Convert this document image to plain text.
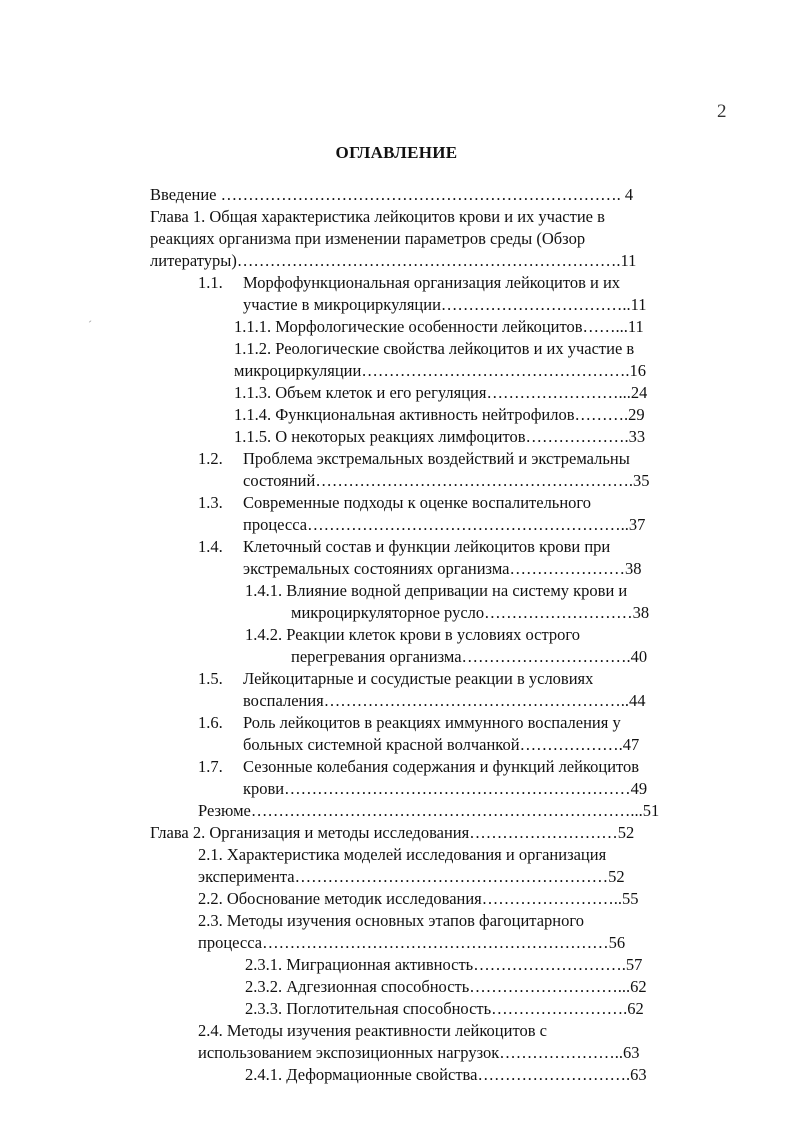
2
ОГЛАВЛЕНИЕ
ˊ
Введение ………………………………………………………………. 4
Глава 1. Общая характеристика лейкоцитов крови и их участие в
реакциях организма при изменении параметров среды (Обзор
литературы)…………………………………………………………….11
1.1. Морфофункциональная организация лейкоцитов и их
участие в микроциркуляции……………………………..11
1.1.1. Морфологические особенности лейкоцитов……...11
1.1.2. Реологические свойства лейкоцитов и их участие в
микроциркуляции………………………………………….16
1.1.3. Объем клеток и его регуляция……………………...24
1.1.4. Функциональная активность нейтрофилов……….29
1.1.5. О некоторых реакциях лимфоцитов……………….33
1.2. Проблема экстремальных воздействий и экстремальны
состояний………………………………………………….35
1.3. Современные подходы к оценке воспалительного
процесса…………………………………………………..37
1.4. Клеточный состав и функции лейкоцитов крови при
экстремальных состояниях организма…………………38
1.4.1. Влияние водной депривации на систему крови и
микроциркуляторное русло………………………38
1.4.2. Реакции клеток крови в условиях острого
перегревания организма………………………….40
1.5. Лейкоцитарные и сосудистые реакции в условиях
воспаления………………………………………………..44
1.6. Роль лейкоцитов в реакциях иммунного воспаления у
больных системной красной волчанкой……………….47
1.7. Сезонные колебания содержания и функций лейкоцитов
крови………………………………………………………49
Резюме……………………………………………………………...51
Глава 2. Организация и методы исследования………………………52
2.1. Характеристика моделей исследования и организация
эксперимента…………………………………………………52
2.2. Обоснование методик исследования……………………..55
2.3. Методы изучения основных этапов фагоцитарного
процесса………………………………………………………56
2.3.1. Миграционная активность……………………….57
2.3.2. Адгезионная способность………………………...62
2.3.3. Поглотительная способность…………………….62
2.4. Методы изучения реактивности лейкоцитов с
использованием экспозиционных нагрузок…………………..63
2.4.1. Деформационные свойства……………………….63
